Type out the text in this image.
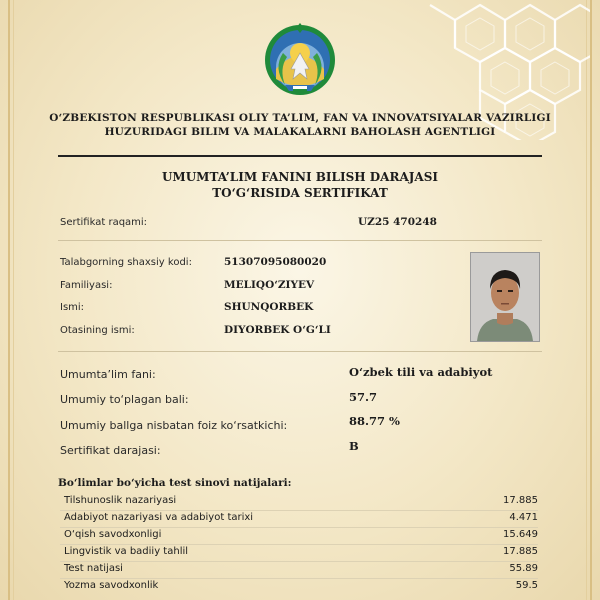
O‘ZBEKISTON RESPUBLIKASI OLIY TA’LIM, FAN VA INNOVATSIYALAR VAZIRLIGI
HUZURIDAGI BILIM VA MALAKALARNI BAHOLASH AGENTLIGI
UMUMTA’LIM FANINI BILISH DARAJASI
TO‘G‘RISIDA SERTIFIKAT
Sertifikat raqami:	UZ25 470248
Talabgorning shaxsiy kodi:	51307095080020
Familiyasi:	MELIQO‘ZIYEV
Ismi:	SHUNQORBEK
Otasining ismi:	DIYORBEK O‘G‘LI
Umumta’lim fani:	O‘zbek tili va adabiyot
Umumiy to‘plagan bali:	57.7
Umumiy ballga nisbatan foiz ko‘rsatkichi:	88.77 %
Sertifikat darajasi:	B
Bo‘limlar bo‘yicha test sinovi natijalari:
Tilshunoslik nazariyasi	17.885
Adabiyot nazariyasi va adabiyot tarixi	4.471
O‘qish savodxonligi	15.649
Lingvistik va badiiy tahlil	17.885
Test natijasi	55.89
Yozma savodxonlik	59.5
